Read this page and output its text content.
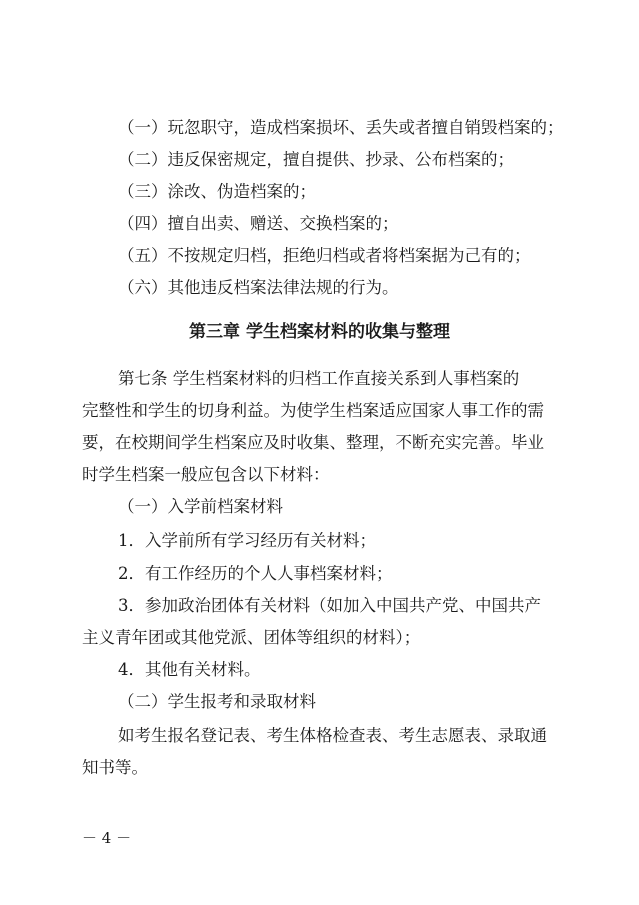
（一）玩忽职守，造成档案损坏、丢失或者擅自销毁档案的；
（二）违反保密规定，擅自提供、抄录、公布档案的；
（三）涂改、伪造档案的；
（四）擅自出卖、赠送、交换档案的；
（五）不按规定归档，拒绝归档或者将档案据为己有的；
（六）其他违反档案法律法规的行为。
第三章 学生档案材料的收集与整理
第七条 学生档案材料的归档工作直接关系到人事档案的
完整性和学生的切身利益。为使学生档案适应国家人事工作的需
要，在校期间学生档案应及时收集、整理，不断充实完善。毕业
时学生档案一般应包含以下材料：
（一）入学前档案材料
1．入学前所有学习经历有关材料；
2．有工作经历的个人人事档案材料；
3．参加政治团体有关材料（如加入中国共产党、中国共产
主义青年团或其他党派、团体等组织的材料）；
4．其他有关材料。
（二）学生报考和录取材料
如考生报名登记表、考生体格检查表、考生志愿表、录取通
知书等。
－ 4 －
